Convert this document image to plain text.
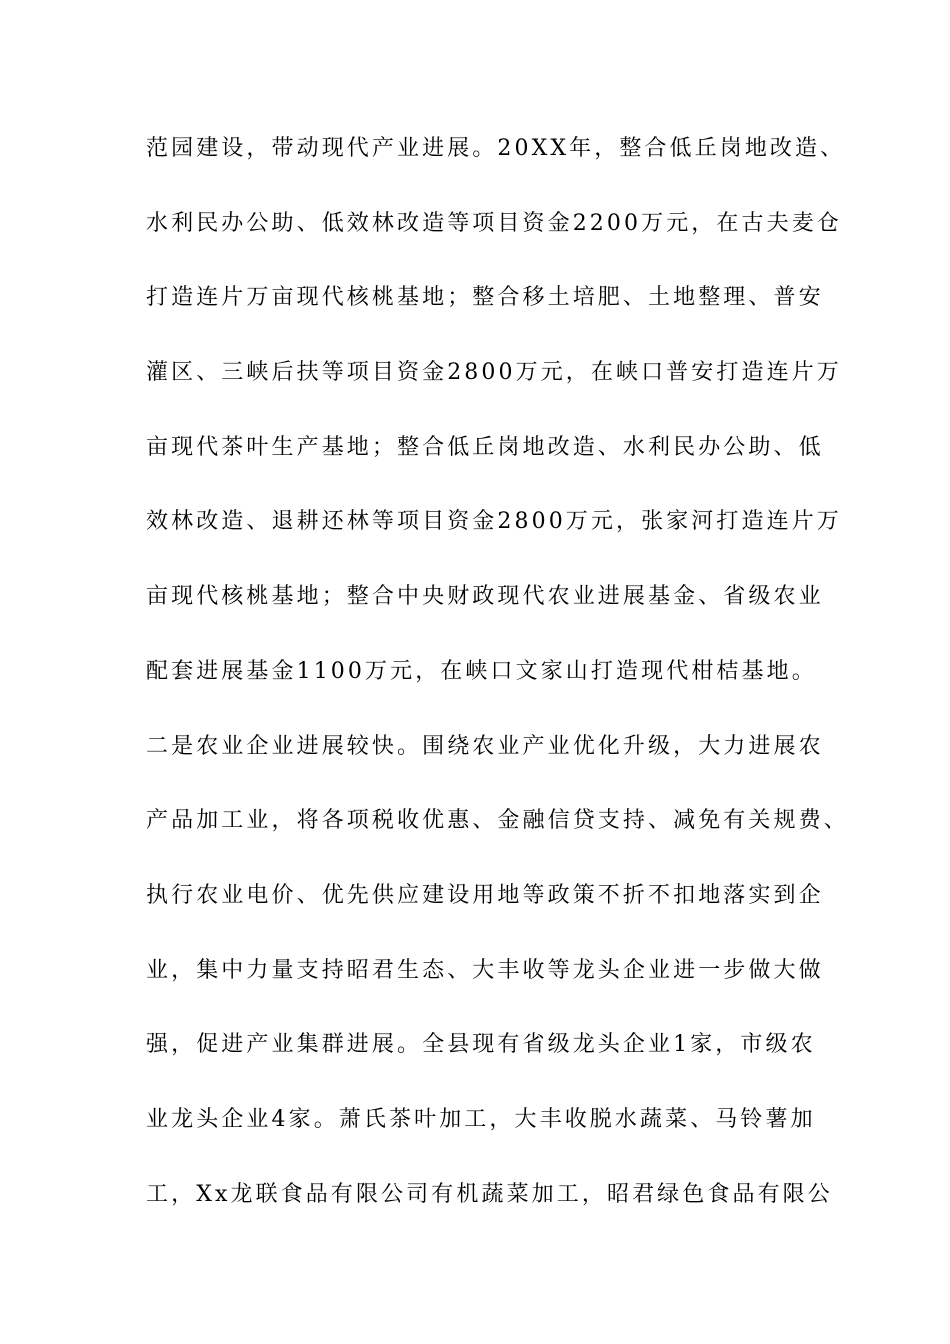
范园建设，带动现代产业进展。20XX年，整合低丘岗地改造、
水利民办公助、低效林改造等项目资金2200万元，在古夫麦仓
打造连片万亩现代核桃基地；整合移土培肥、土地整理、普安
灌区、三峡后扶等项目资金2800万元，在峡口普安打造连片万
亩现代茶叶生产基地；整合低丘岗地改造、水利民办公助、低
效林改造、退耕还林等项目资金2800万元，张家河打造连片万
亩现代核桃基地；整合中央财政现代农业进展基金、省级农业
配套进展基金1100万元，在峡口文家山打造现代柑桔基地。
二是农业企业进展较快。围绕农业产业优化升级，大力进展农
产品加工业，将各项税收优惠、金融信贷支持、减免有关规费、
执行农业电价、优先供应建设用地等政策不折不扣地落实到企
业，集中力量支持昭君生态、大丰收等龙头企业进一步做大做
强，促进产业集群进展。全县现有省级龙头企业1家，市级农
业龙头企业4家。萧氏茶叶加工，大丰收脱水蔬菜、马铃薯加
工，Xx龙联食品有限公司有机蔬菜加工，昭君绿色食品有限公
